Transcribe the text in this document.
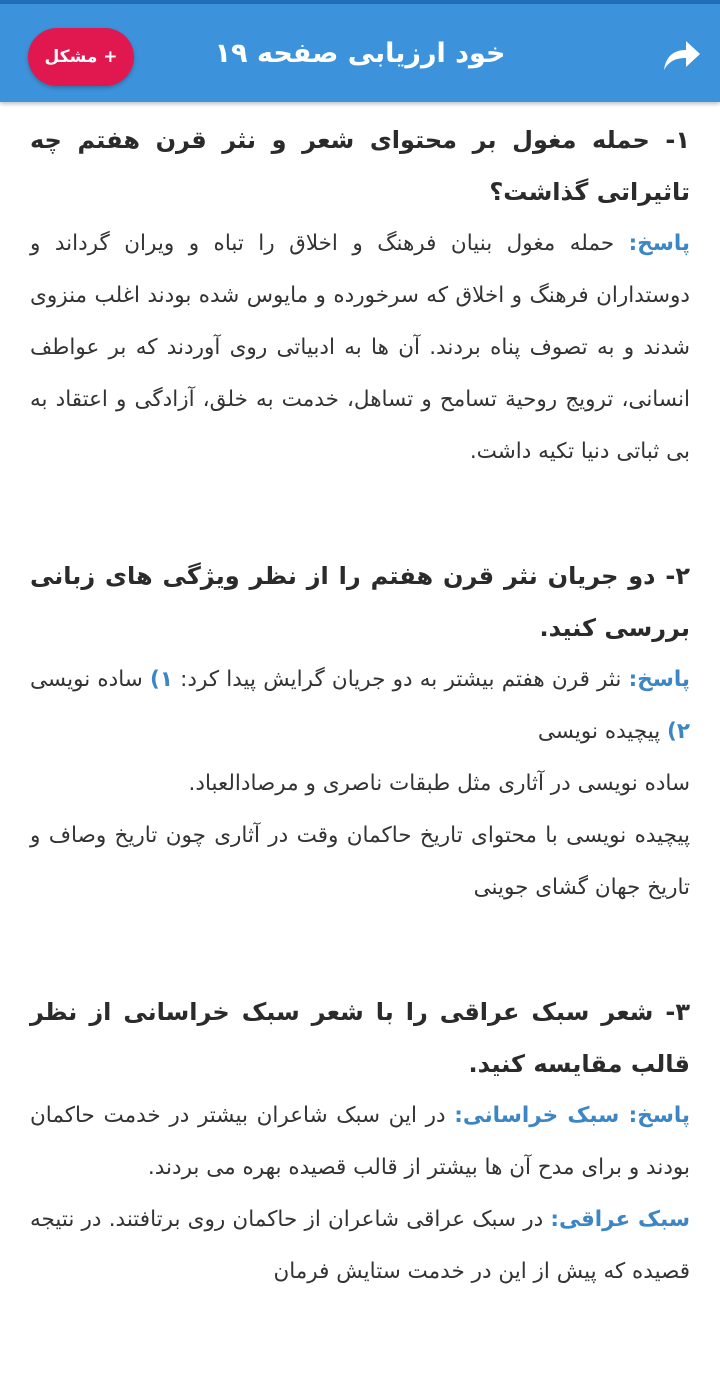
خود ارزیابی صفحه ۱۹
+ مشکل

۱- حمله مغول بر محتوای شعر و نثر قرن هفتم چه تاثیراتی گذاشت؟

پاسخ: حمله مغول بنیان فرهنگ و اخلاق را تباه و ویران گرداند و دوستداران فرهنگ و اخلاق که سرخورده و مایوس شده بودند اغلب منزوی شدند و به تصوف پناه بردند. آن ها به ادبیاتی روی آوردند که بر عواطف انسانی، ترویج روحیة تسامح و تساهل، خدمت به خلق، آزادگی و اعتقاد به بی ثباتی دنیا تکیه داشت.

۲- دو جریان نثر قرن هفتم را از نظر ویژگی های زبانی بررسی کنید.

پاسخ: نثر قرن هفتم بیشتر به دو جریان گرایش پیدا کرد: ۱) ساده نویسی ۲) پیچیده نویسی

ساده نویسی در آثاری مثل طبقات ناصری و مرصادالعباد.

پیچیده نویسی با محتوای تاریخ حاکمان وقت در آثاری چون تاریخ وصاف و تاریخ جهان گشای جوینی

۳- شعر سبک عراقی را با شعر سبک خراسانی از نظر قالب مقایسه کنید.

پاسخ: سبک خراسانی: در این سبک شاعران بیشتر در خدمت حاکمان بودند و برای مدح آن ها بیشتر از قالب قصیده بهره می بردند.

سبک عراقی: در سبک عراقی شاعران از حاکمان روی برتافتند. در نتیجه قصیده که پیش از این در خدمت ستایش فرمان
